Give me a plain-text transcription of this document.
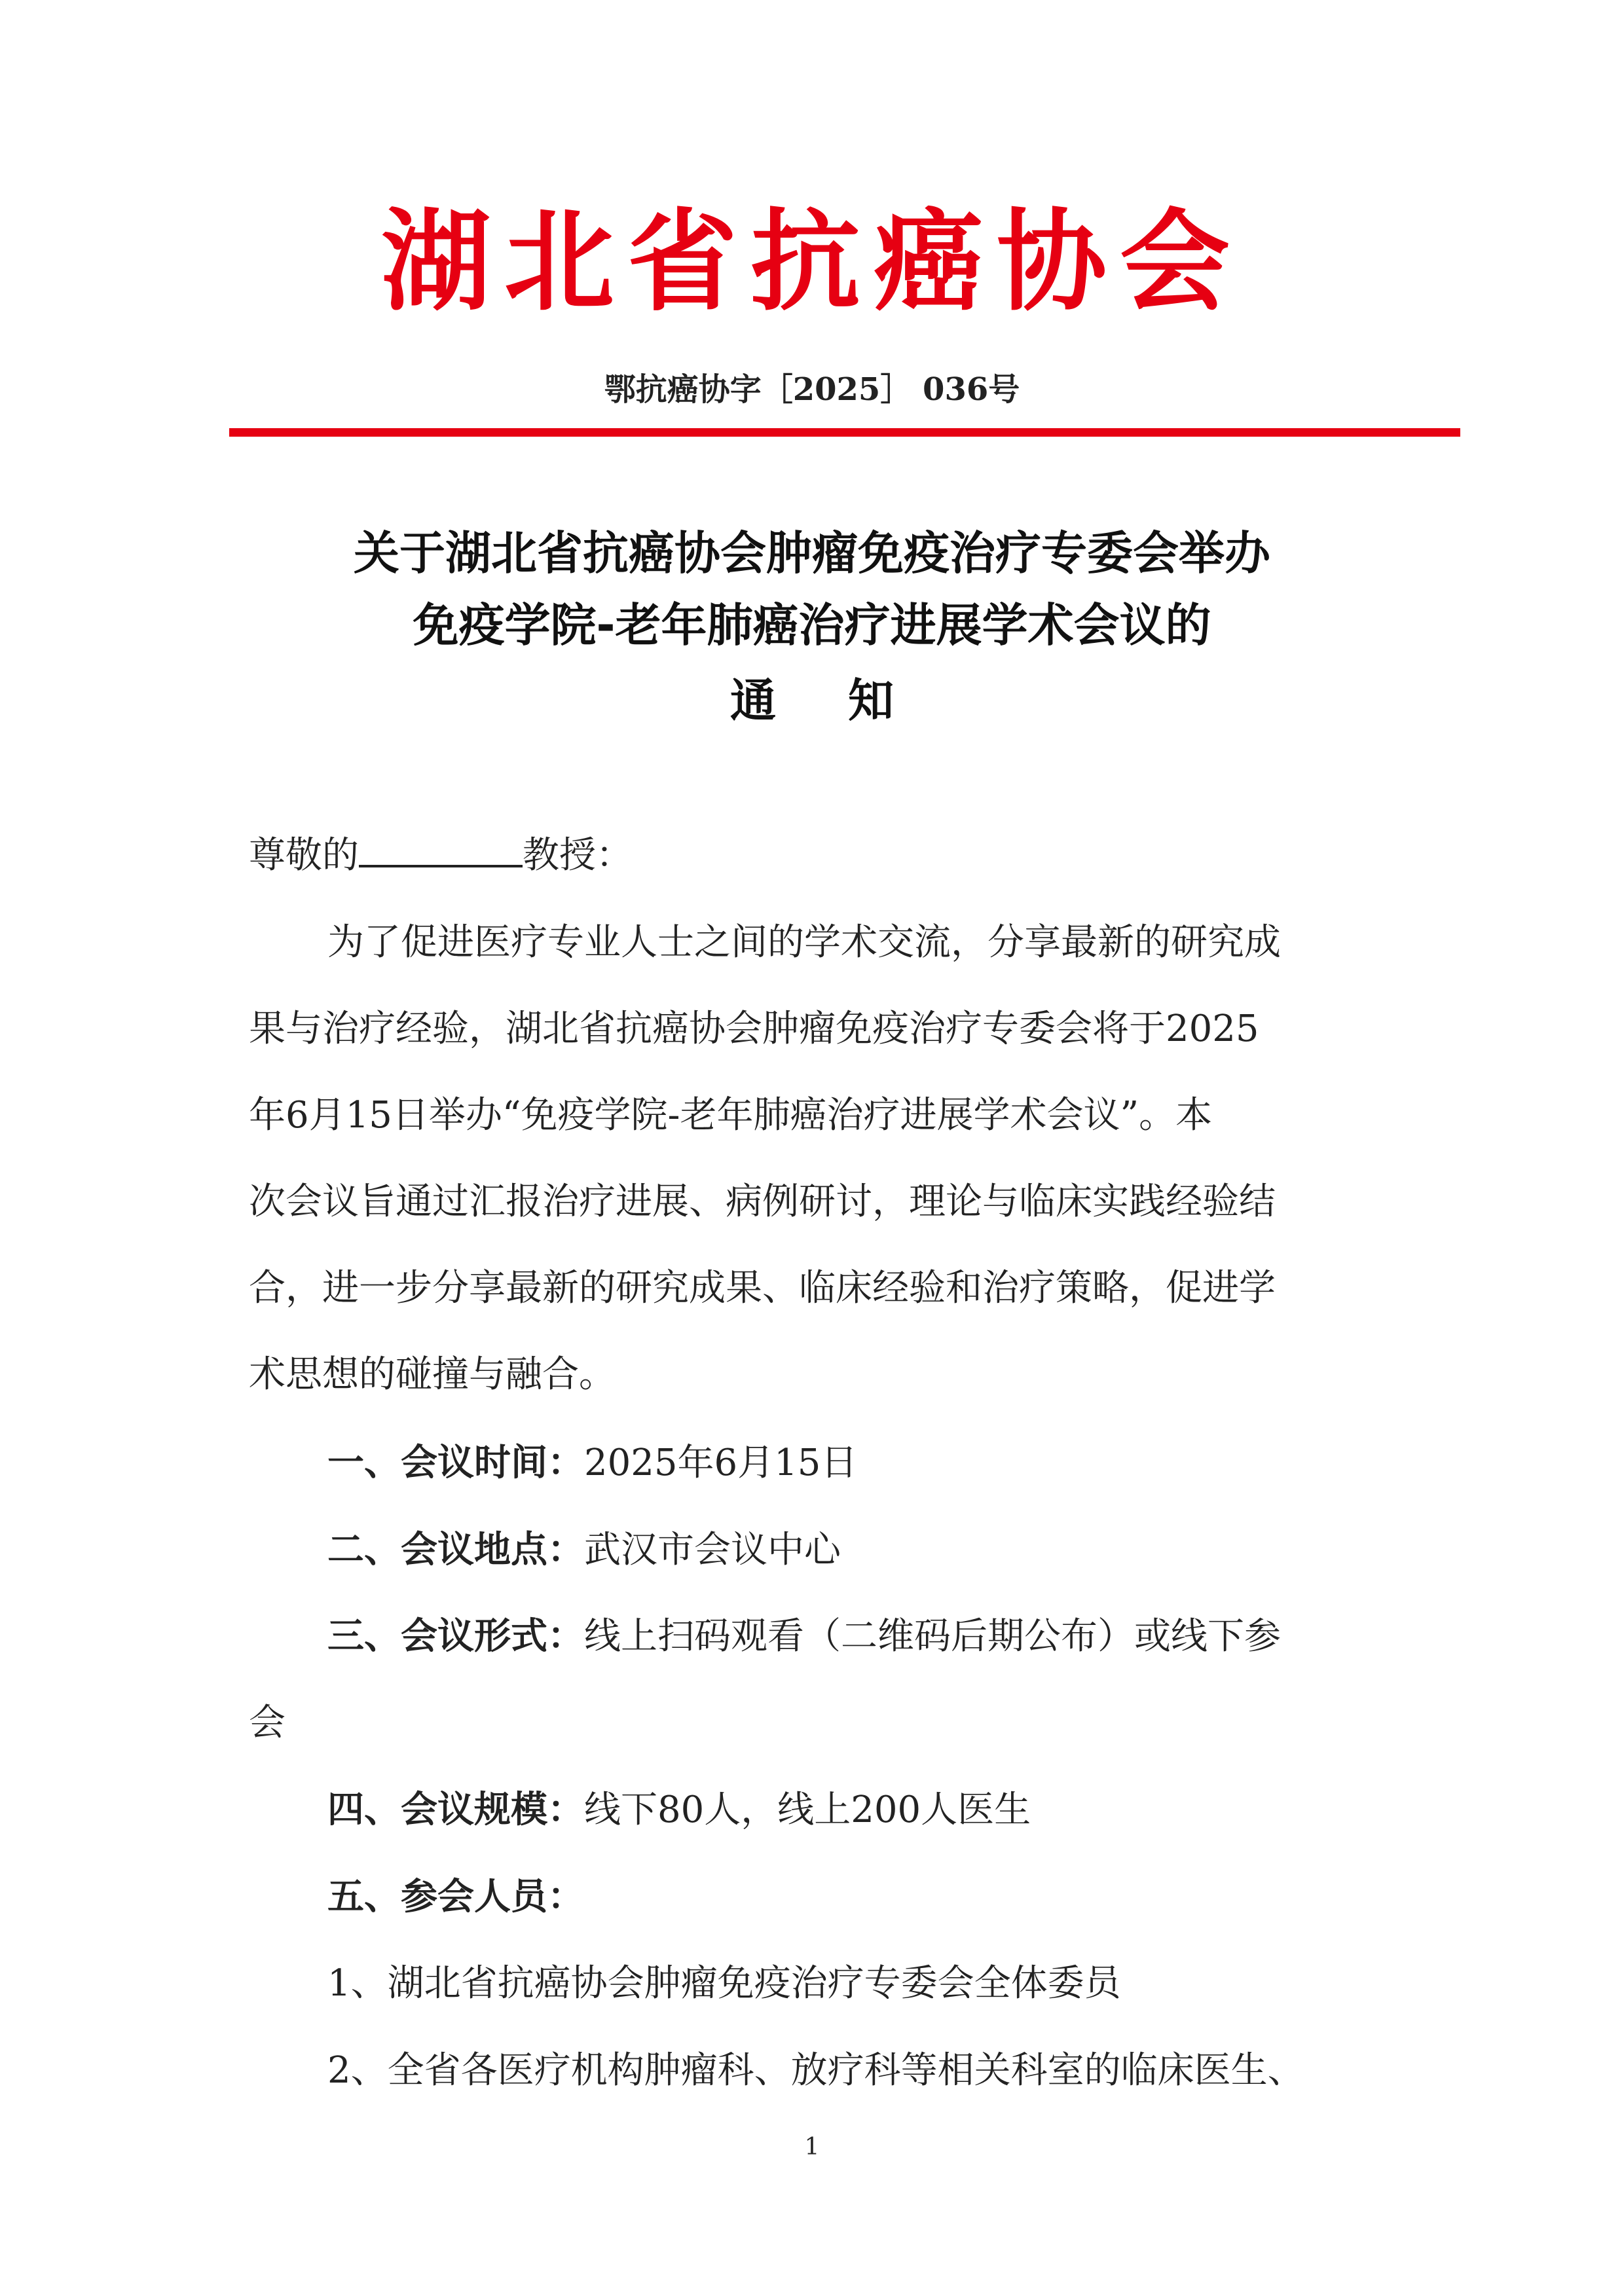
湖北省抗癌协会
鄂抗癌协字［2025］ 036号
关于湖北省抗癌协会肿瘤免疫治疗专委会举办
免疫学院-老年肺癌治疗进展学术会议的
通知
尊敬的	教授：
为了促进医疗专业人士之间的学术交流，分享最新的研究成
果与治疗经验，湖北省抗癌协会肿瘤免疫治疗专委会将于2025
年6月15日举办“免疫学院-老年肺癌治疗进展学术会议”。本
次会议旨通过汇报治疗进展、病例研讨，理论与临床实践经验结
合，进一步分享最新的研究成果、临床经验和治疗策略，促进学
术思想的碰撞与融合。
一、会议时间：2025年6月15日
二、会议地点：武汉市会议中心
三、会议形式：线上扫码观看（二维码后期公布）或线下参
会
四、会议规模：线下80人，线上200人医生
五、参会人员：
1、湖北省抗癌协会肿瘤免疫治疗专委会全体委员
2、全省各医疗机构肿瘤科、放疗科等相关科室的临床医生、
1
